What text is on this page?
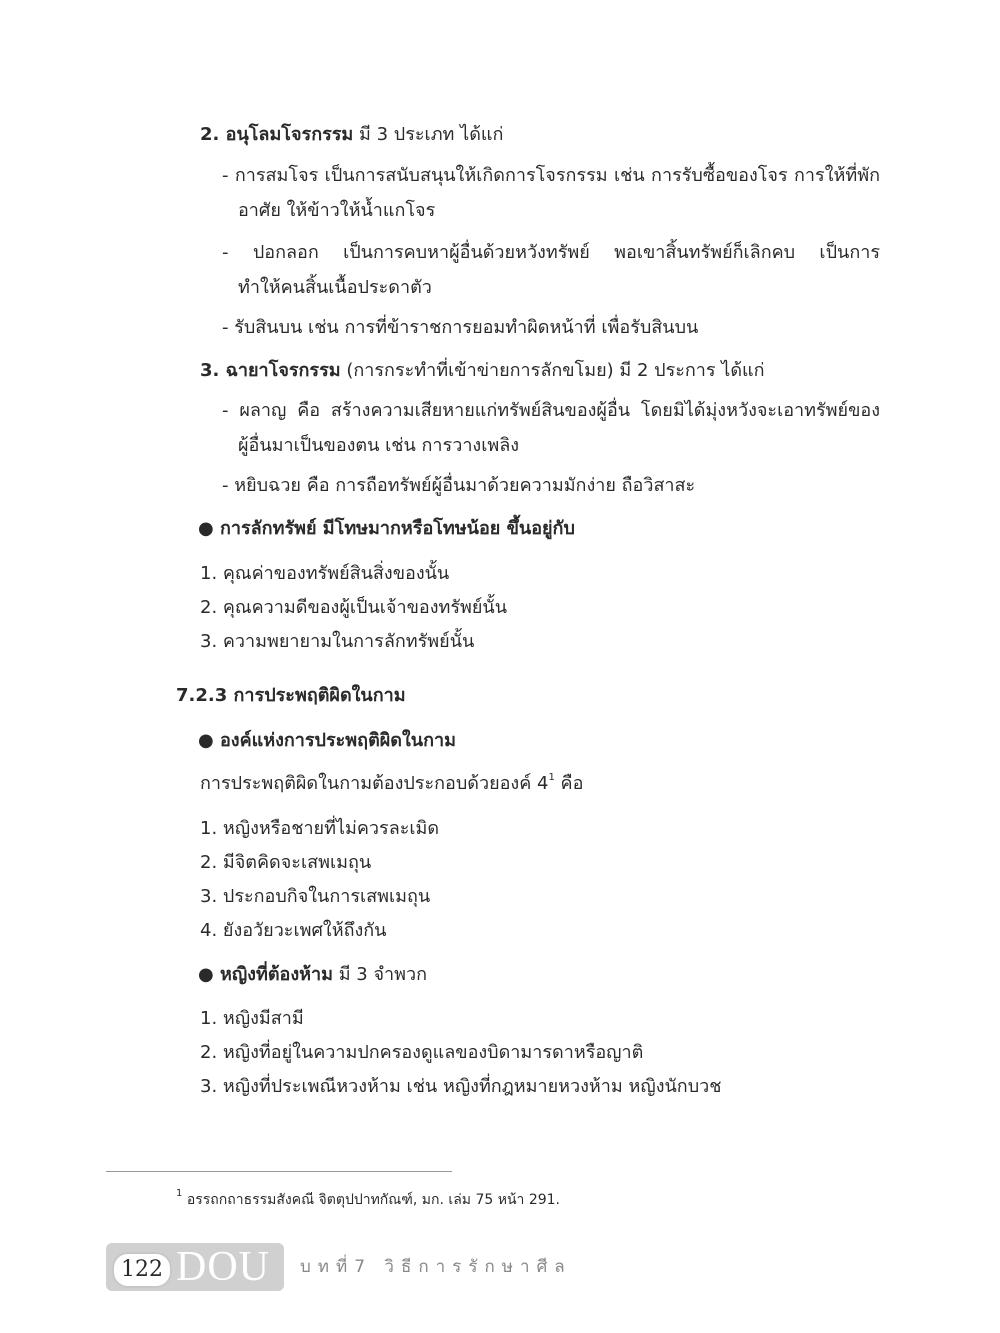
2. อนุโลมโจรกรรม มี 3 ประเภท ได้แก่
- การสมโจร เป็นการสนับสนุนให้เกิดการโจรกรรม เช่น การรับซื้อของโจร การให้ที่พัก
อาศัย ให้ข้าวให้น้ำแกโจร
- ปอกลอก เป็นการคบหาผู้อื่นด้วยหวังทรัพย์ พอเขาสิ้นทรัพย์ก็เลิกคบ เป็นการ
ทำให้คนสิ้นเนื้อประดาตัว
- รับสินบน เช่น การที่ข้าราชการยอมทำผิดหน้าที่ เพื่อรับสินบน
3. ฉายาโจรกรรม (การกระทำที่เข้าข่ายการลักขโมย) มี 2 ประการ ได้แก่
- ผลาญ คือ สร้างความเสียหายแก่ทรัพย์สินของผู้อื่น โดยมิได้มุ่งหวังจะเอาทรัพย์ของ
ผู้อื่นมาเป็นของตน เช่น การวางเพลิง
- หยิบฉวย คือ การถือทรัพย์ผู้อื่นมาด้วยความมักง่าย ถือวิสาสะ
● การลักทรัพย์ มีโทษมากหรือโทษน้อย ขึ้นอยู่กับ
1. คุณค่าของทรัพย์สินสิ่งของนั้น
2. คุณความดีของผู้เป็นเจ้าของทรัพย์นั้น
3. ความพยายามในการลักทรัพย์นั้น
7.2.3 การประพฤติผิดในกาม
● องค์แห่งการประพฤติผิดในกาม
การประพฤติผิดในกามต้องประกอบด้วยองค์ $4^1$ คือ
1. หญิงหรือชายที่ไม่ควรละเมิด
2. มีจิตคิดจะเสพเมถุน
3. ประกอบกิจในการเสพเมถุน
4. ยังอวัยวะเพศให้ถึงกัน
● หญิงที่ต้องห้าม มี 3 จำพวก
1. หญิงมีสามี
2. หญิงที่อยู่ในความปกครองดูแลของบิดามารดาหรือญาติ
3. หญิงที่ประเพณีหวงห้าม เช่น หญิงที่กฎหมายหวงห้าม หญิงนักบวช
$^1$ อรรถกถาธรรมสังคณี จิตตุปปาทกัณฑ์, มก. เล่ม 75 หน้า 291.
122 DOU บทที่7 วิธีการรักษาศีล
